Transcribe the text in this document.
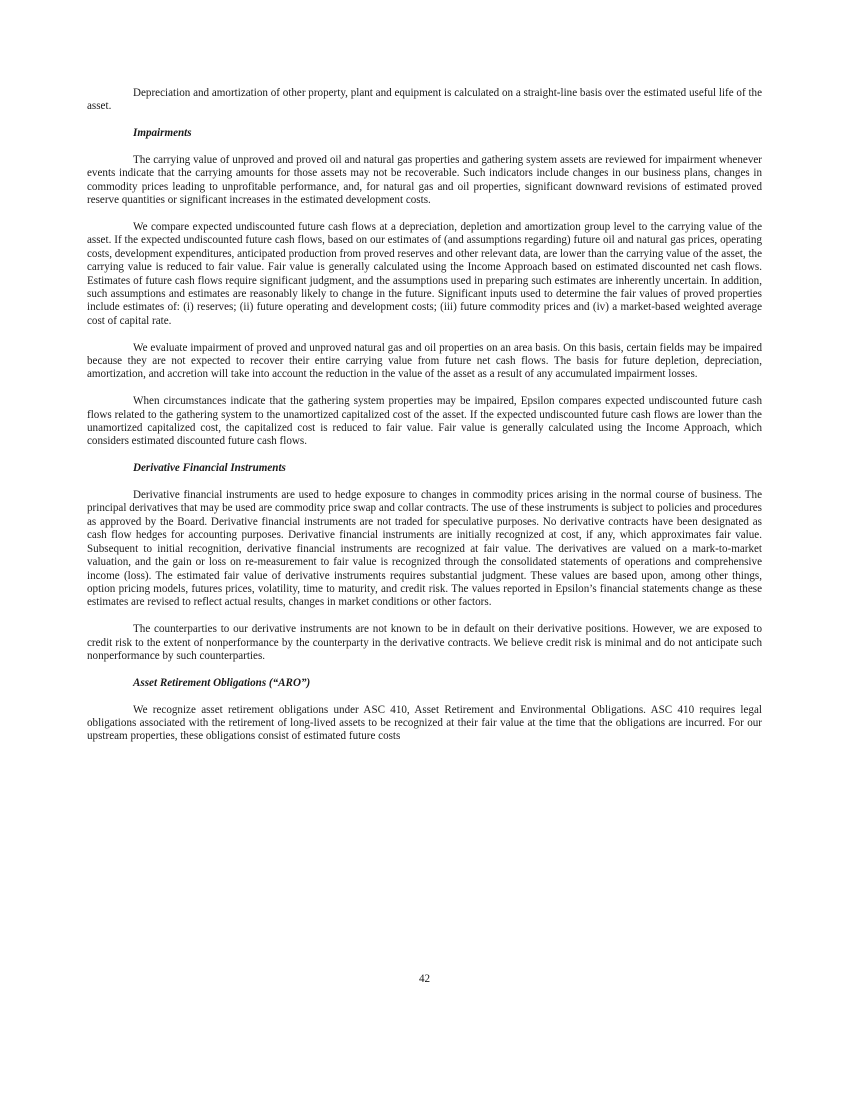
Depreciation and amortization of other property, plant and equipment is calculated on a straight-line basis over the estimated useful life of the asset.

Impairments

The carrying value of unproved and proved oil and natural gas properties and gathering system assets are reviewed for impairment whenever events indicate that the carrying amounts for those assets may not be recoverable. Such indicators include changes in our business plans, changes in commodity prices leading to unprofitable performance, and, for natural gas and oil properties, significant downward revisions of estimated proved reserve quantities or significant increases in the estimated development costs.

We compare expected undiscounted future cash flows at a depreciation, depletion and amortization group level to the carrying value of the asset. If the expected undiscounted future cash flows, based on our estimates of (and assumptions regarding) future oil and natural gas prices, operating costs, development expenditures, anticipated production from proved reserves and other relevant data, are lower than the carrying value of the asset, the carrying value is reduced to fair value. Fair value is generally calculated using the Income Approach based on estimated discounted net cash flows. Estimates of future cash flows require significant judgment, and the assumptions used in preparing such estimates are inherently uncertain. In addition, such assumptions and estimates are reasonably likely to change in the future. Significant inputs used to determine the fair values of proved properties include estimates of: (i) reserves; (ii) future operating and development costs; (iii) future commodity prices and (iv) a market-based weighted average cost of capital rate.

We evaluate impairment of proved and unproved natural gas and oil properties on an area basis. On this basis, certain fields may be impaired because they are not expected to recover their entire carrying value from future net cash flows. The basis for future depletion, depreciation, amortization, and accretion will take into account the reduction in the value of the asset as a result of any accumulated impairment losses.

When circumstances indicate that the gathering system properties may be impaired, Epsilon compares expected undiscounted future cash flows related to the gathering system to the unamortized capitalized cost of the asset. If the expected undiscounted future cash flows are lower than the unamortized capitalized cost, the capitalized cost is reduced to fair value. Fair value is generally calculated using the Income Approach, which considers estimated discounted future cash flows.

Derivative Financial Instruments

Derivative financial instruments are used to hedge exposure to changes in commodity prices arising in the normal course of business. The principal derivatives that may be used are commodity price swap and collar contracts. The use of these instruments is subject to policies and procedures as approved by the Board. Derivative financial instruments are not traded for speculative purposes. No derivative contracts have been designated as cash flow hedges for accounting purposes. Derivative financial instruments are initially recognized at cost, if any, which approximates fair value. Subsequent to initial recognition, derivative financial instruments are recognized at fair value. The derivatives are valued on a mark-to-market valuation, and the gain or loss on re-measurement to fair value is recognized through the consolidated statements of operations and comprehensive income (loss). The estimated fair value of derivative instruments requires substantial judgment. These values are based upon, among other things, option pricing models, futures prices, volatility, time to maturity, and credit risk. The values reported in Epsilon’s financial statements change as these estimates are revised to reflect actual results, changes in market conditions or other factors.

The counterparties to our derivative instruments are not known to be in default on their derivative positions. However, we are exposed to credit risk to the extent of nonperformance by the counterparty in the derivative contracts. We believe credit risk is minimal and do not anticipate such nonperformance by such counterparties.

Asset Retirement Obligations (“ARO”)

We recognize asset retirement obligations under ASC 410, Asset Retirement and Environmental Obligations. ASC 410 requires legal obligations associated with the retirement of long-lived assets to be recognized at their fair value at the time that the obligations are incurred. For our upstream properties, these obligations consist of estimated future costs

42
